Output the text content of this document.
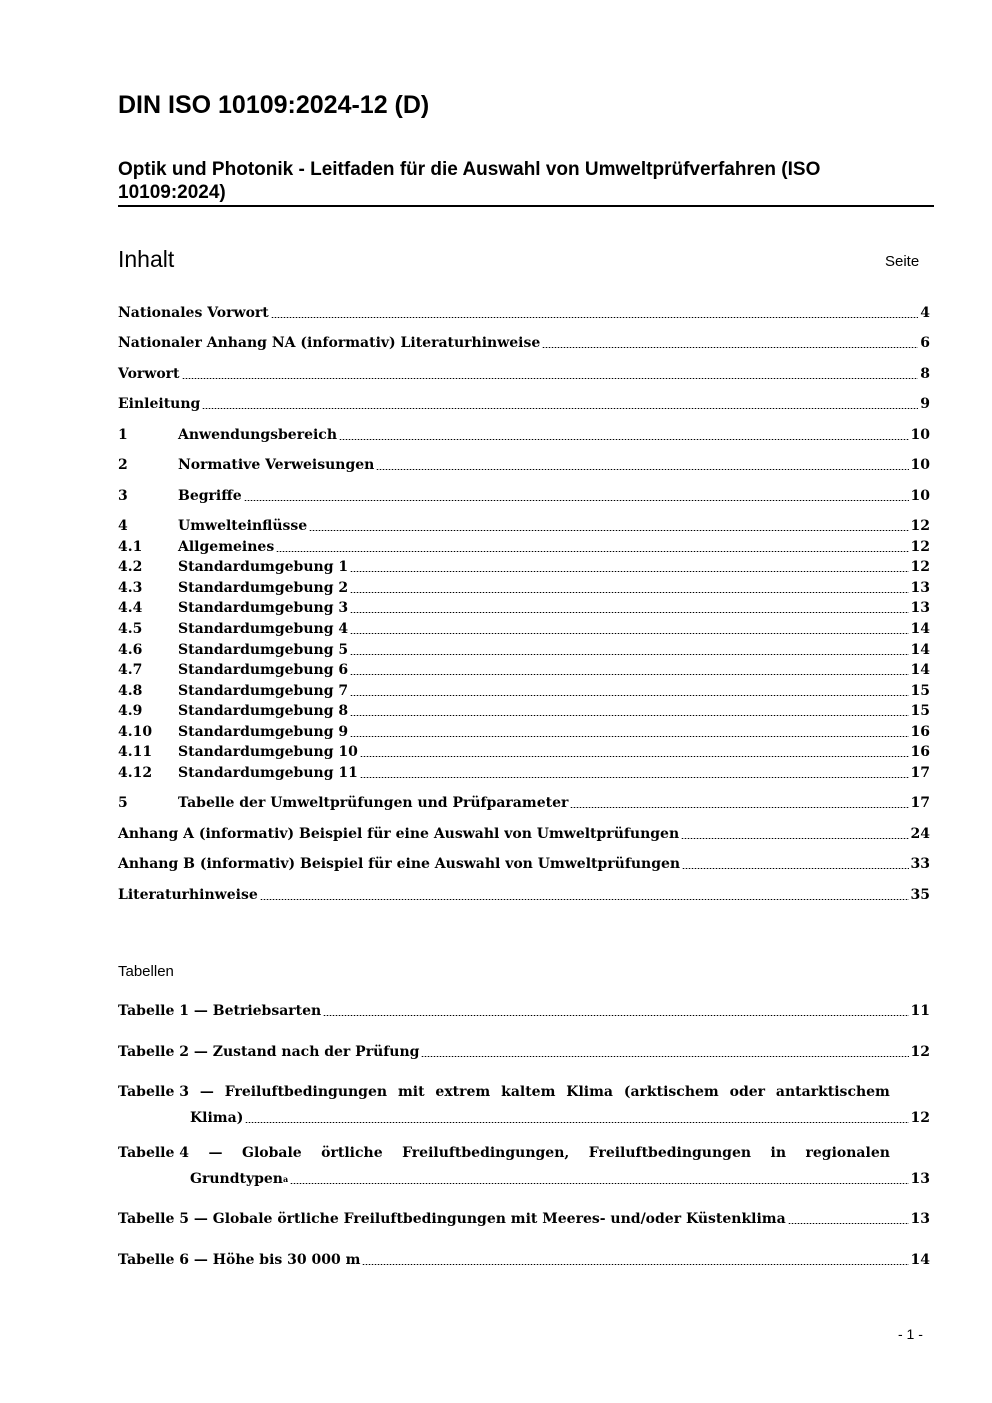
DIN ISO 10109:2024-12 (D)
Optik und Photonik - Leitfaden für die Auswahl von Umweltprüfverfahren (ISO 10109:2024)
Inhalt	Seite
Nationales Vorwort	4
Nationaler Anhang NA (informativ) Literaturhinweise	6
Vorwort	8
Einleitung	9
1	Anwendungsbereich	10
2	Normative Verweisungen	10
3	Begriffe	10
4	Umwelteinflüsse	12
4.1	Allgemeines	12
4.2	Standardumgebung 1	12
4.3	Standardumgebung 2	13
4.4	Standardumgebung 3	13
4.5	Standardumgebung 4	14
4.6	Standardumgebung 5	14
4.7	Standardumgebung 6	14
4.8	Standardumgebung 7	15
4.9	Standardumgebung 8	15
4.10	Standardumgebung 9	16
4.11	Standardumgebung 10	16
4.12	Standardumgebung 11	17
5	Tabelle der Umweltprüfungen und Prüfparameter	17
Anhang A (informativ) Beispiel für eine Auswahl von Umweltprüfungen	24
Anhang B (informativ) Beispiel für eine Auswahl von Umweltprüfungen	33
Literaturhinweise	35
Tabellen
Tabelle 1 — Betriebsarten	11
Tabelle 2 — Zustand nach der Prüfung	12
Tabelle 3 — Freiluftbedingungen mit extrem kaltem Klima (arktischem oder antarktischem
Klima)	12
Tabelle 4 — Globale örtliche Freiluftbedingungen, Freiluftbedingungen in regionalen
Grundtypen a	13
Tabelle 5 — Globale örtliche Freiluftbedingungen mit Meeres- und/oder Küstenklima	13
Tabelle 6 — Höhe bis 30 000 m	14
- 1 -
